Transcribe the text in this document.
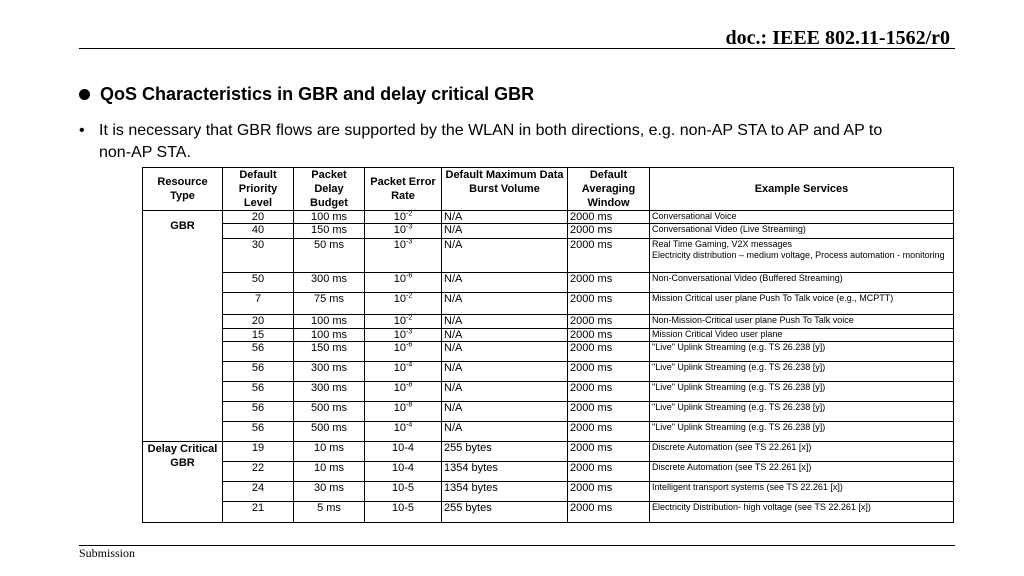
doc.: IEEE 802.11-1562/r0
QoS Characteristics in GBR and delay critical GBR
• It is necessary that GBR flows are supported by the WLAN in both directions, e.g. non-AP STA to AP and AP to non-AP STA.
Resource Type	Default Priority Level	Packet Delay Budget	Packet Error Rate	Default Maximum Data Burst Volume	Default Averaging Window	Example Services
GBR	20	100 ms	$10^{-2}$	N/A	2000 ms	Conversational Voice

	40	150 ms	$10^{-3}$	N/A	2000 ms	Conversational Video (Live Streaming)

	30	50 ms	$10^{-3}$	N/A	2000 ms	Real Time Gaming, V2X messages
Electricity distribution – medium voltage, Process automation - monitoring

	50	300 ms	$10^{-6}$	N/A	2000 ms	Non-Conversational Video (Buffered Streaming)

	7	75 ms	$10^{-2}$	N/A	2000 ms	Mission Critical user plane Push To Talk voice (e.g., MCPTT)

	20	100 ms	$10^{-2}$	N/A	2000 ms	Non-Mission-Critical user plane Push To Talk voice

	15	100 ms	$10^{-3}$	N/A	2000 ms	Mission Critical Video user plane

	56	150 ms	$10^{-6}$	N/A	2000 ms	"Live" Uplink Streaming (e.g. TS 26.238 [y])

	56	300 ms	$10^{-4}$	N/A	2000 ms	"Live" Uplink Streaming (e.g. TS 26.238 [y])

	56	300 ms	$10^{-8}$	N/A	2000 ms	"Live" Uplink Streaming (e.g. TS 26.238 [y])

	56	500 ms	$10^{-8}$	N/A	2000 ms	"Live" Uplink Streaming (e.g. TS 26.238 [y])

	56	500 ms	$10^{-4}$	N/A	2000 ms	"Live" Uplink Streaming (e.g. TS 26.238 [y])

Delay Critical GBR	19	10 ms	10-4	255 bytes	2000 ms	Discrete Automation (see TS 22.261 [x])

	22	10 ms	10-4	1354 bytes	2000 ms	Discrete Automation (see TS 22.261 [x])

	24	30 ms	10-5	1354 bytes	2000 ms	Intelligent transport systems (see TS 22.261 [x])

	21	5 ms	10-5	255 bytes	2000 ms	Electricity Distribution- high voltage (see TS 22.261 [x])
Submission
